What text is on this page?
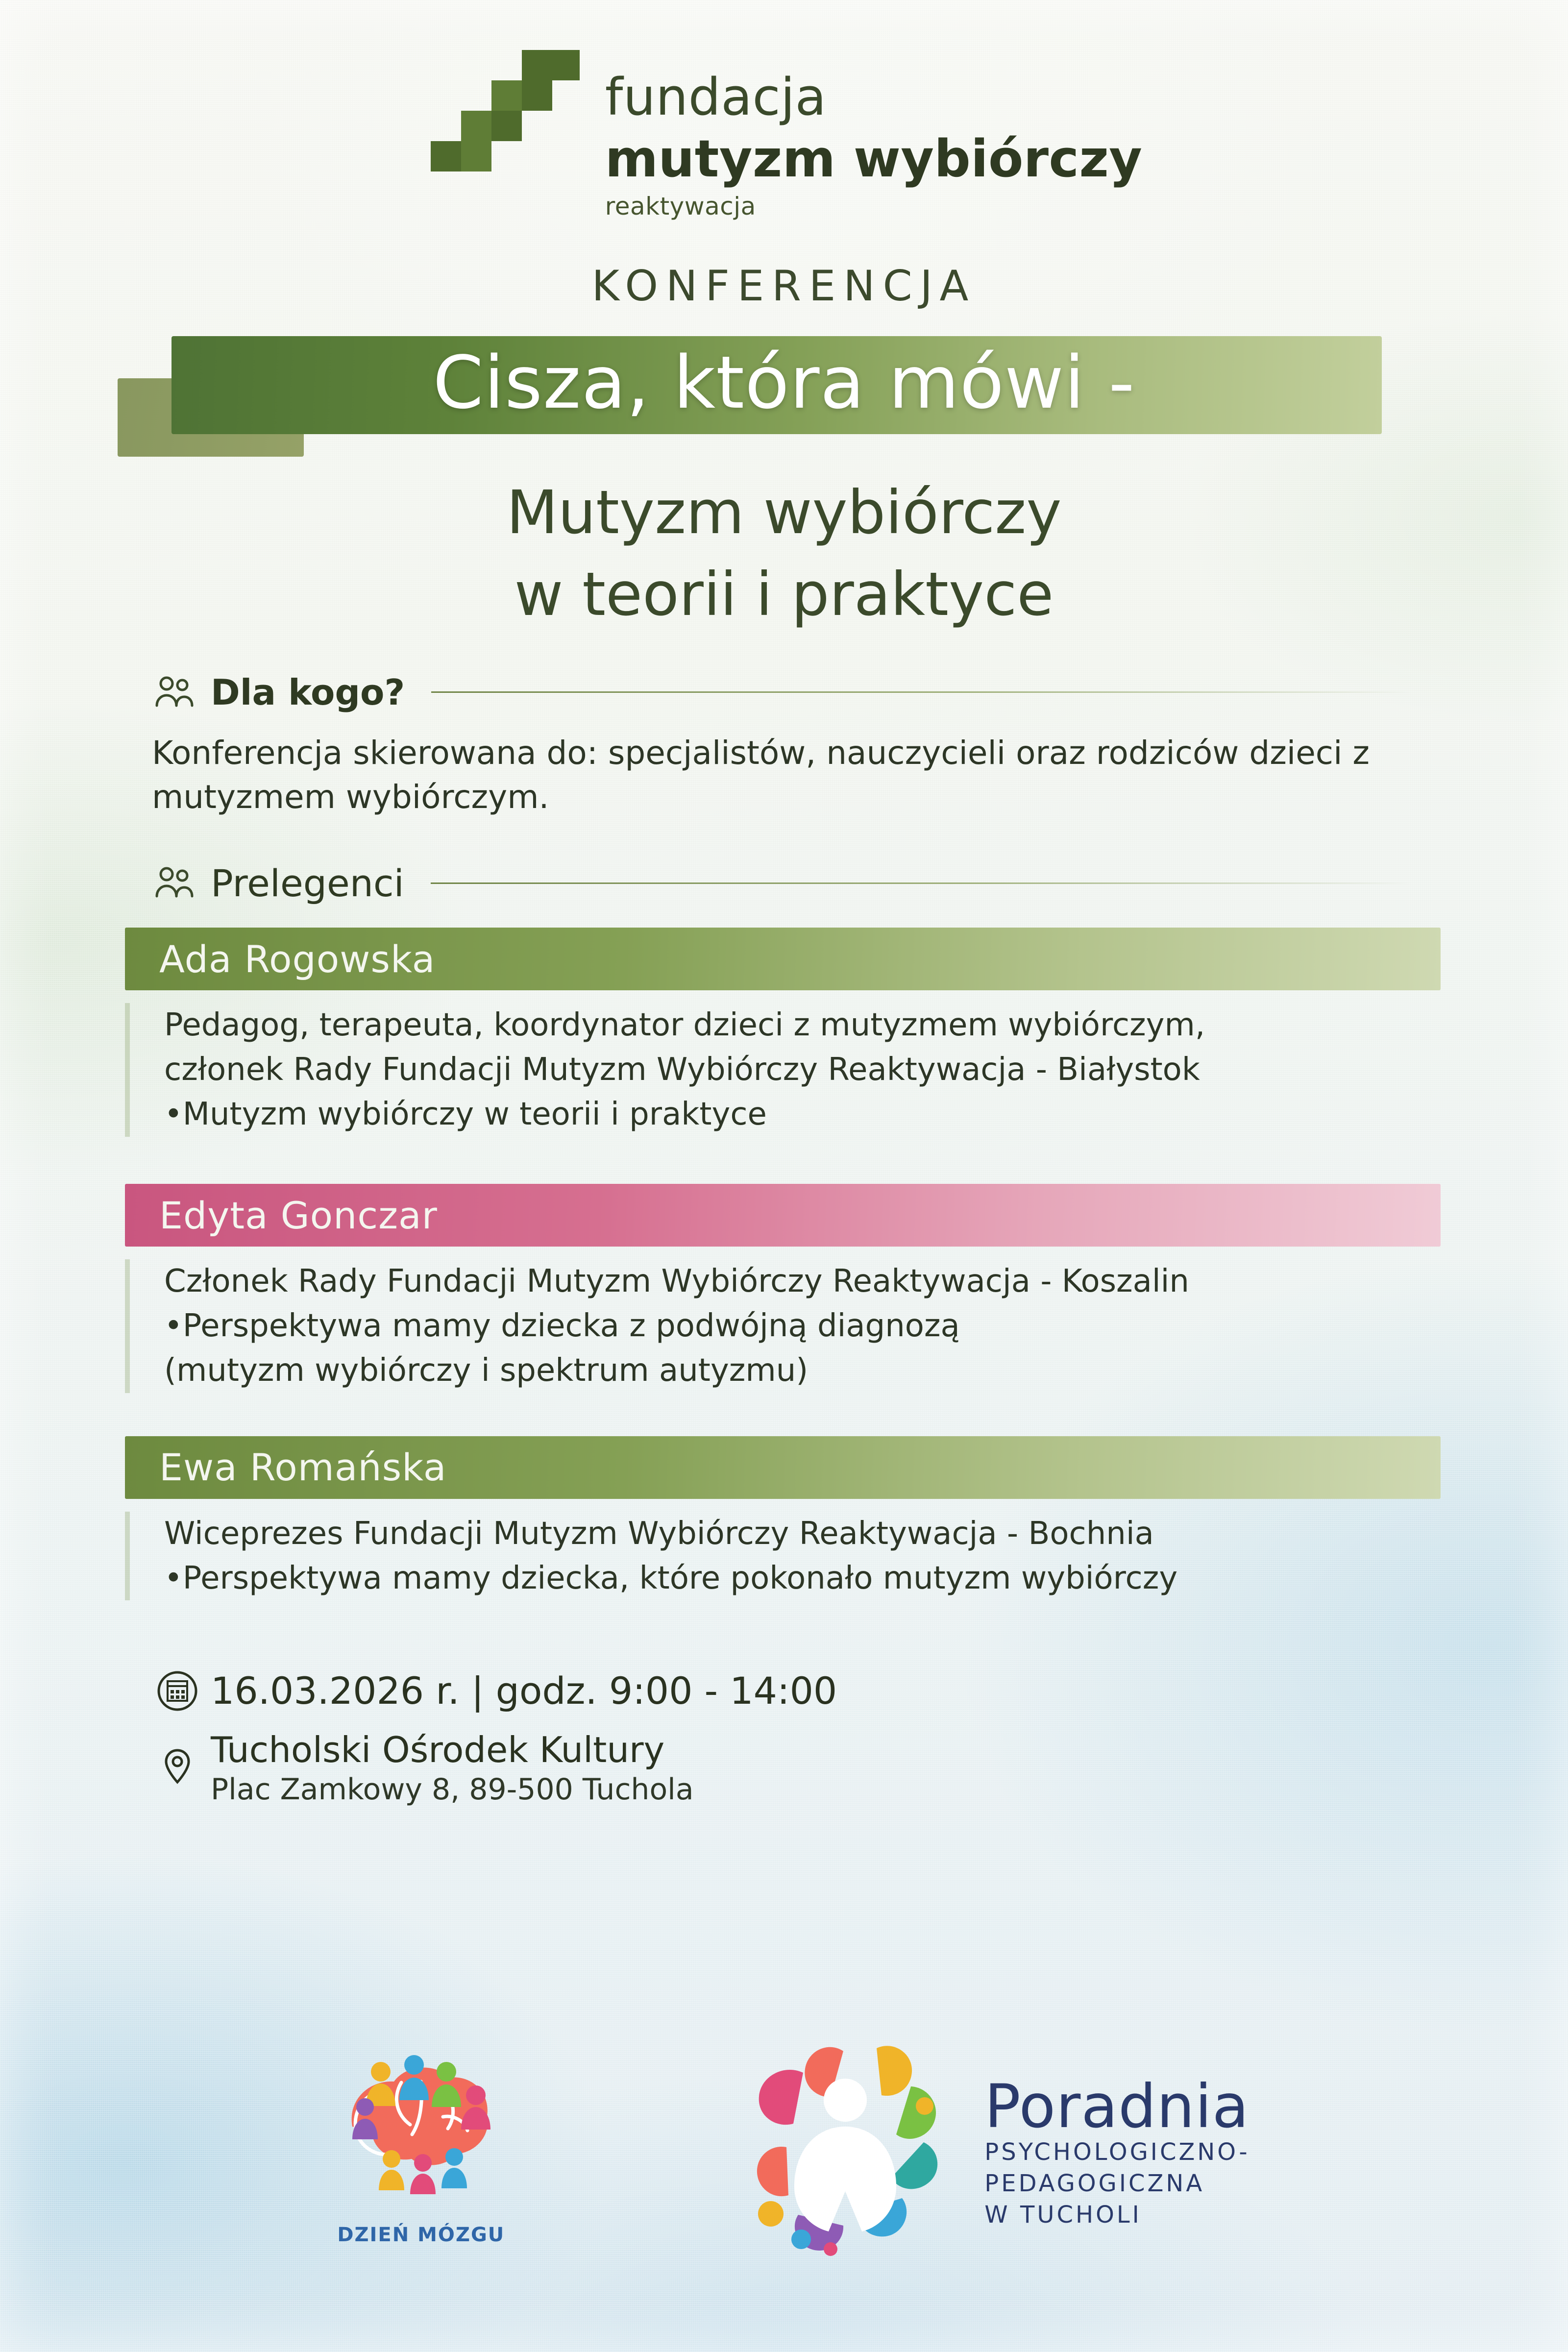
fundacja
mutyzm wybiórczy
reaktywacja
KONFERENCJA
Cisza, która mówi -
Mutyzm wybiórczy
w teorii i praktyce
Dla kogo?
Konferencja skierowana do: specjalistów, nauczycieli oraz rodziców dzieci z mutyzmem wybiórczym.
Prelegenci
Ada Rogowska
Pedagog, terapeuta, koordynator dzieci z mutyzmem wybiórczym,
członek Rady Fundacji Mutyzm Wybiórczy Reaktywacja - Białystok
•Mutyzm wybiórczy w teorii i praktyce
Edyta Gonczar
Członek Rady Fundacji Mutyzm Wybiórczy Reaktywacja - Koszalin
•Perspektywa mamy dziecka z podwójną diagnozą
(mutyzm wybiórczy i spektrum autyzmu)
Ewa Romańska
Wiceprezes Fundacji Mutyzm Wybiórczy Reaktywacja - Bochnia
•Perspektywa mamy dziecka, które pokonało mutyzm wybiórczy
16.03.2026 r. | godz. 9:00 - 14:00
Tucholski Ośrodek Kultury
Plac Zamkowy 8, 89-500 Tuchola
DZIEŃ MÓZGU
Poradnia
PSYCHOLOGICZNO-
PEDAGOGICZNA
W TUCHOLI
